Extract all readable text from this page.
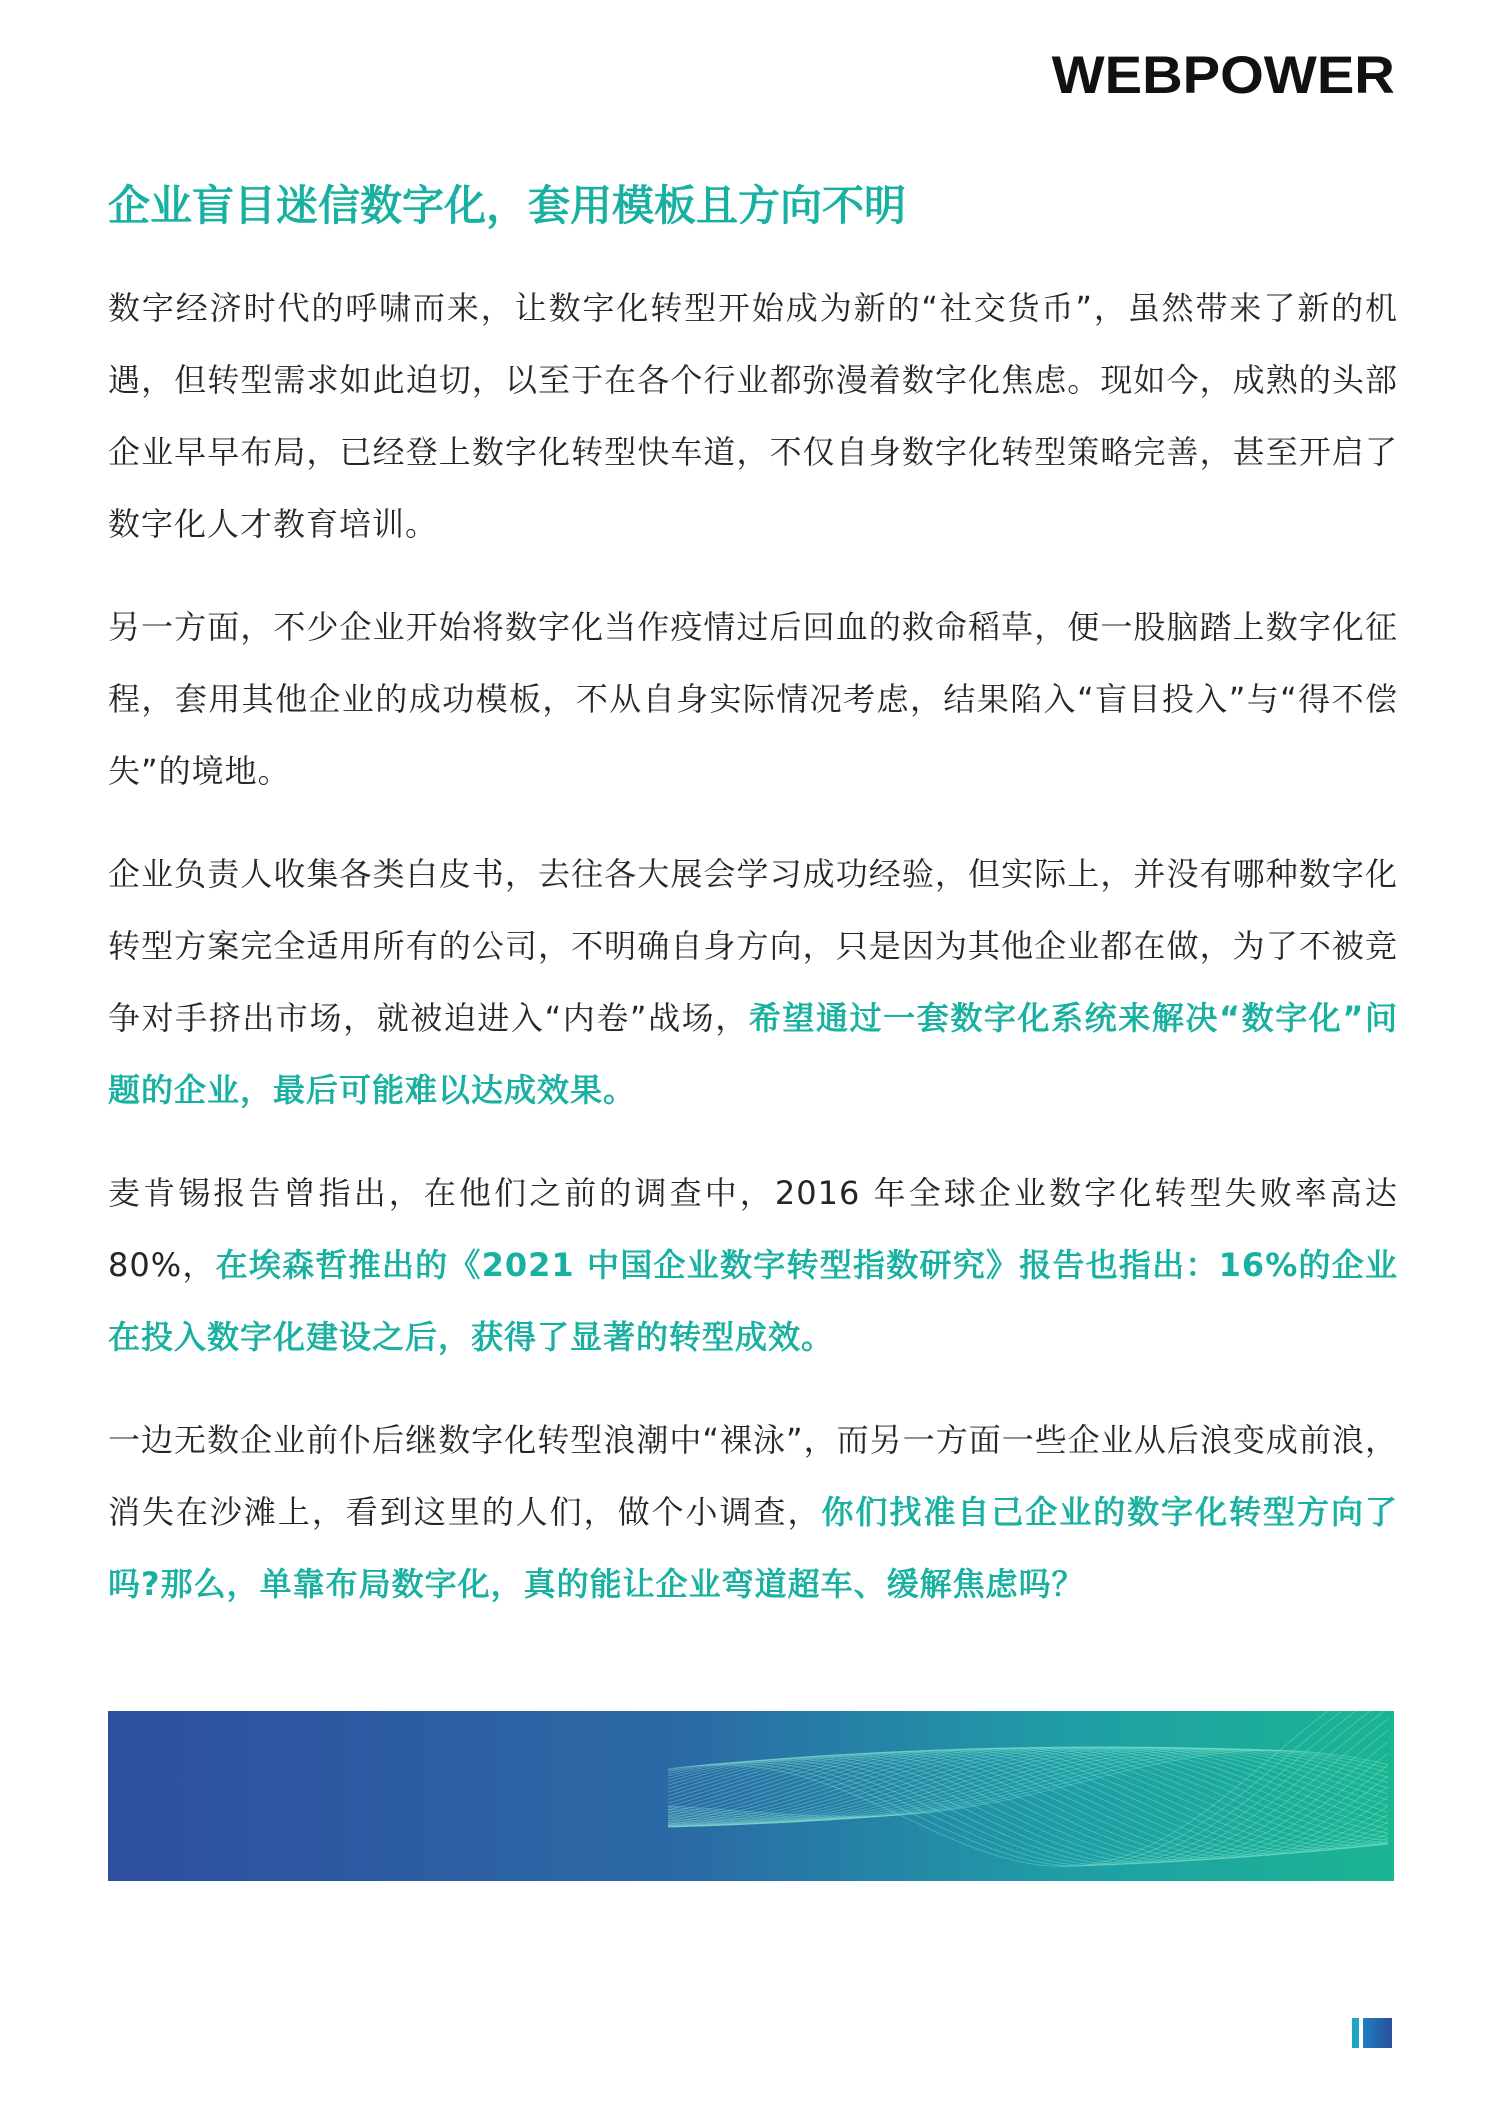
WEBPOWER
企业盲目迷信数字化，套用模板且方向不明

数字经济时代的呼啸而来，让数字化转型开始成为新的“社交货币”，虽然带来了新的机遇，但转型需求如此迫切，以至于在各个行业都弥漫着数字化焦虑。现如今，成熟的头部企业早早布局，已经登上数字化转型快车道，不仅自身数字化转型策略完善，甚至开启了数字化人才教育培训。

另一方面，不少企业开始将数字化当作疫情过后回血的救命稻草，便一股脑踏上数字化征程，套用其他企业的成功模板，不从自身实际情况考虑，结果陷入“盲目投入”与“得不偿失”的境地。

企业负责人收集各类白皮书，去往各大展会学习成功经验，但实际上，并没有哪种数字化转型方案完全适用所有的公司，不明确自身方向，只是因为其他企业都在做，为了不被竞争对手挤出市场，就被迫进入“内卷”战场，希望通过一套数字化系统来解决“数字化”问题的企业，最后可能难以达成效果。

麦肯锡报告曾指出，在他们之前的调查中，2016 年全球企业数字化转型失败率高达 80%，在埃森哲推出的《2021 中国企业数字转型指数研究》报告也指出：16%的企业在投入数字化建设之后，获得了显著的转型成效。

一边无数企业前仆后继数字化转型浪潮中“裸泳”，而另一方面一些企业从后浪变成前浪，消失在沙滩上，看到这里的人们，做个小调查，你们找准自己企业的数字化转型方向了吗?那么，单靠布局数字化，真的能让企业弯道超车、缓解焦虑吗？
